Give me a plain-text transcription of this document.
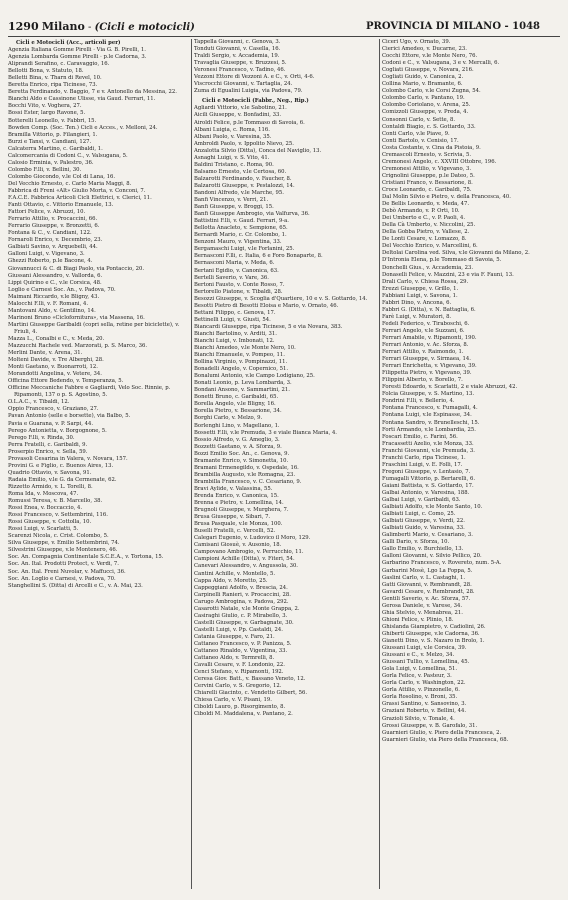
1290 Milano - (Cicli e motocicli)	PROVINCIA DI MILANO - 1048
Cicli e Motocicli (Acc., articoli per)
Agenzia Italiana Gomme Pirelli · Via G. B. Pirelli, 1.
Agenzia Lombarda Gomme Pirelli · p.le Cadorna, 3.
Aliprandi Serafino, c. Caravaggio, 16.
Bellotti Bona, v. Statuto, 18.
Belletti Bina, v. Tharn di Revel, 10.
Beretta Enrico, ripa Ticinese, 73.
Beretta Ferdinando, v. Baggio, 7 e v. Antonello da Messina, 22.
Bianchi Aldo e Cassinone Ulisse, via Gaud. Ferrari, 11.
Bocchi Vito, v. Voghera, 27.
Bossi Ester, largo Ravone, 5.
Botterelli Leonello, v. Fabbri, 15.
Bowden Comp. (Soc. Ten.) Cicli e Acces., v. Melloni, 24.
Bramilla Vittorio, p. Filangieri, 1.
Burzi e Tansi, v. Candiani, 127.
Calcaterra Martino, c. Garibaldi, 1.
Calcomercania di Codoni C., v. Valsugana, 5.
Calosio Erminia, v. Palestro, 36.
Colombo F.lli, v. Bellini, 30.
Colombo Giocondo, v.le Col di Lana, 16.
Del Vecchio Ernesto, c. Carlo Maria Maggi, 8.
Fabbrica di Freni «Alt» Giulio Morta, v. Conconi, 7.
F.A.C.E. Fabbrica Articoli Cicli Elettrici, v. Clerici, 11.
Fanti Ottavio, c. Vittorio Emanuele, 13.
Fattori Felice, v. Abruzzi, 10.
Ferrario Attilio, v. Procaccini, 66.
Ferrario Giuseppe, v. Bronzetti, 6.
Fontana & C., v. Candiani, 122.
Fornaroli Enrico, v. Decembrio, 23.
Galbiati Savino, v. Arquebelli, 44.
Galloni Luigi, v. Vigevano, 3.
Ghezzi Roberto, p.le Bacone, 4.
Giovannucci & C. di Biagi Paolo, via Pontaccio, 20.
Giussani Alessandro, v. Vallorda, 6.
Lippi Quirino e C., v.le Corsica, 48.
Loglio e Carnesi Soc. An., v. Padova, 70.
Maimani Riccardo, v.le Bligny, 43.
Malocchi F.lli, v. F. Romani, 4.
Mantovani Aldo, v. Gentilino, 14.
Marinoni Bruno «Ciclofornitura», via Massena, 16.
Martini Giuseppe Garibaldi (copri sella, retine per biciclette), v. Friuli, 4.
Mazza L., Conalbi e C., v. Meda, 20.
Mazzucchi Rachele ved. Marzorati, p. S. Marco, 36.
Merlini Dante, v. Arena, 31.
Molteni Davide, v. Tre Alberghi, 28.
Monti Gaetano, v. Buonarroti, 12.
Morandotti Angelina, v. Vetere, 34.
Officina Ettore Bedendo, v. Temperanza, 5.
Officine Meccaniche Fabbre e Gagliardi, Velo Soc. Rinnie, p. Ripamonti, 137 o p. S. Agostino, 5.
O.L.A.C., v. Tibaldi, 12.
Oppio Francesco, v. Graziano, 27.
Pavan Antonio (selle e borsette), via Balbo, 5.
Pavia e Guarana, v. P. Sarpi, 44.
Perego Antonietta, v. Borgognone, 5.
Perego F.lli, v. Rinda, 30.
Perra Fratelli, c. Garibaldi, 9.
Proserpio Enrico, v. Sella, 59.
Provasoli Cesarina in Valera, v. Novara, 157.
Provini G. e Figlio, c. Buenos Aires, 13.
Quadrio Ottavio, v. Savona, 91.
Radaia Emilio, v.le G. da Cermenate, 62.
Rizzetto Armido, v. L. Torelli, 8.
Roma Ida, v. Moscova, 47.
Romussi Teresa, v. B. Marcello, 38.
Rossi Enea, v. Boccaccio, 4.
Rossi Francesco, v. Settembrini, 116.
Rossi Giuseppe, v. Cottolla, 10.
Rossi Luigi, v. Scarlatti, 5.
Scarenzi Nicola, c. Crist. Colombo, 5.
Silva Giuseppe, v. Emilio Settembrini, 74.
Silvestrini Giuseppe, v.le Montenero, 46.
Soc. An. Compagnia Continentale S.C.E.A., v. Tortona, 15.
Soc. An. Ital. Prodotti Protect, v. Verdi, 7.
Soc. An. Ital. Freni Nuvolar, v. Maffucci, 36.
Soc. An. Loglio e Carnesi, v. Padova, 70.
Stanghellini S. (Ditta) di Arcelli e C., v. A. Mai, 23.
Tappella Giovanni, c. Genova, 3.
Tonduti Giovanni, v. Casella, 16.
Traldi Sergio, v. Accademia, 19.
Travaglia Giuseppe, v. Bruzzesi, 5.
Veronesi Francesco, v. Tadino, 46.
Vezzoni Ettore di Vezzoni A. e C., v. Orti, 4-6.
Viscrocchi Giovanni, v. Tartaglia, 24.
Zuma di Egualini Luigia, via Padova, 79.
Cicli e Motocicli (Fabbr., Neg., Rip.)
Agliardi Vittorio, v.le Sabotino, 21.
Aicili Giuseppe, v. Bonfadini, 33.
Airoldi Felice, p.le Tommaso di Savoia, 6.
Albani Luigia, c. Roma, 116.
Albani Paolo, v. Varesina, 35.
Ambroldi Paolo, v. Ippolito Nievo, 25.
Anzalotta Silvio (Ditta), Conca del Naviglio, 13.
Asnaghi Luigi, v. S. Vito, 41.
Baldini Tristano, c. Roma, 90.
Balsamo Ernesto, v.le Certosa, 60.
Balzarotti Ferdinando, v. Faucher, 8.
Balzarotti Giuseppe, v. Pestalozzi, 14.
Bandoni Alfredo, v.le Marche, 95.
Banfi Vincenzo, v. Verri, 21.
Banfi Giuseppe, v. Broggi, 15.
Banfi Giuseppe Ambrogio, via Valfurva, 36.
Battistini F.lli, v. Gaud. Ferrari, 9-a.
Bellotta Anacleto, v. Sempione, 65.
Bernardi Mario, c. Cr. Colombo, 1.
Benzoni Mauro, v. Vigentina, 33.
Bergamaschi Luigi, v.le Forlanini, 25.
Bernasconi F.lli, c. Italia, 6 e Foro Bonaparte, 8.
Bernasconi Maria, v. Meda, 6.
Bertani Egidio, v. Canonica, 63.
Bertelli Saverio, v. Vare, 36.
Bertoni Fausto, v. Conte Rosso, 7.
Bertorello Piatone, v. Tibaldi, 28.
Besozzi Giuseppe, v. Scoglia d'Quartiere, 10 e v. S. Gottardo, 14.
Besotti Pietro di Besotti Eloisa e Mario, v. Ornato, 46.
Bettani Filippo, c. Genova, 17.
Bettinelli Luigi, v. Giusti, 54.
Biancardi Giuseppe, ripa Ticinese, 5 e via Novara, 383.
Bianchi Bartolino, v. Arditi, 31.
Bianchi Luigi, v. Imbonati, 12.
Bianchi Amedeo, v.le Monte Nero, 10.
Bianchi Emanuele, v. Pompeo, 11.
Bollina Virginio, v. Pompinazzi, 11.
Bonadelli Angelo, v. Copernico, 51.
Bonalumi Antonio, v.le Campo Lodigiano, 25.
Bonati Leonio, p. Leva Lombarda, 3.
Bondani Ansono, v. Sammartini, 21.
Bonetti Bruno, c. Garibaldi, 65.
Borella Angelo, v.le Bligny, 16.
Borella Pietro, v. Bessarione, 34.
Borghi Carlo, v. Melzo, 9.
Borlenghi Lino, v. Magellano, 1.
Bossetti F.lli, v.le Premuda, 3 e viale Bianca Maria, 4.
Bossio Alfredo, v. G. Ameglio, 3.
Bozzetti Gaetano, v. A. Sforza, 9.
Bozzi Emilio Soc. An., c. Genova, 9.
Bramante Enrico, v. Simonetta, 10.
Bramani Ermenegildo, v. Ospedale, 16.
Brambilla Augusto, v.le Romagna, 23.
Brambilla Francesco, v. C. Cesariano, 9.
Bravi Aylide, v. Valassina, 55.
Brenda Enrico, v. Canonica, 15.
Brenna e Pietro, v. Lomellina, 14.
Brugnoli Giuseppe, v. Murghera, 7.
Brusa Giuseppe, v. Sibari, 7.
Brusa Pasquale, v.le Monza, 100.
Buselli Fratelli, c. Vercelli, 52.
Calegari Eugenio, v. Ludovico il Moro, 129.
Camisani Giosuè, v. Ausonio, 18.
Campovano Ambrogio, v. Perrucchio, 11.
Campioni Achille (Ditta), v. Fiteri, 54.
Canevari Alessandro, v. Angussola, 30.
Cantini Achille, v. Montello, 5.
Cappa Aldo, v. Moretto, 25.
Cappeggiani Adolfo, v. Brescia, 24.
Carpinelli Ranieri, v. Procaccini, 28.
Carugo Ambrogina, v. Padova, 292.
Casarotti Natale, v.le Monte Grappa, 2.
Casiraghi Giulio, c. P. Mirabello, 3.
Castelli Giuseppe, v. Garbagnate, 30.
Castelli Luigi, v. Pp. Castaldi, 24.
Catania Giuseppe, v. Faro, 21.
Cattaneo Francesco, v. P. Panizza, 5.
Cattaneo Rinaldo, v. Vigentina, 33.
Cattaneo Aldo, v. Termrelli, 8.
Cavalli Cesare, v. F. Londonio, 22.
Cenci Stefano, v. Ripamonti, 192.
Ceresa Giov. Batt., v. Bassano Veneto, 12.
Cervini Carlo, v. S. Gregorio, 12.
Chiarelli Giacinto, c. Vendetto Gilbert, 56.
Chiesa Carlo, v. V. Pisani, 19.
Ciboldi Lauro, p. Risorgimento, 8.
Ciboldi M. Maddalena, v. Pantano, 2.
Ciceri Ugo, v. Ornato, 39.
Cierici Amedeo, v. Ducarne, 23.
Cocchi Ettore, v.le Monte Nero, 76.
Codoni e C., v. Valsugana, 3 e v. Mercalli, 6.
Cogliati Giuseppe, v. Novara, 216.
Cogliati Guido, v. Canonica, 2.
Collina Mario, v. Bramante, 6.
Colombo Carlo, v.le Corsi Zugna, 54.
Colombo Carlo, v. Pantano, 19.
Colombo Coriolano, v. Arena, 25.
Comizzoli Giuseppe, v. Preda, 4.
Consonni Carlo, v. Sette, 8.
Contaldi Biagio, c. S. Gottardo, 33.
Conti Carlo, v.le Piave, 9.
Conti Bartolo, v. Cenisio, 17.
Costa Costante, v. Cina da Pistoia, 9.
Cremascoli Ernesto, v. Scrivia, 5.
Cremonesi Angelo, c. XXVIII Ottobre, 196.
Cremonesi Attilio, v. Vigevano, 3.
Crignolini Giuseppe, p.le Dateo, 5.
Cristiani Franco, v. Bessarione, 8.
Croce Leonardo, c. Garibaldi, 75.
Dal Molin Silvio e Pietro, v. della Francesca, 40.
De Bellis Leonardo, v. Meda, 47.
Debò Armando, v. P. Orti, 10.
Dei Umberto e C., v. P. Paoli, 4.
Della Cà Umberto, v. Niccolini, 25.
Della Gobba Pietro, v. Vallese, 2.
De Lonti Cesare, v. Lomazzo, 8.
Del Vecchio Enrico, v. Marcellini, 6.
Deltolai Carolina ved. Silva, v.le Giovanni da Milano, 2.
D'Intronia Elena, p.le Tommaso di Savoia, 5.
Donchelli Gius., v. Accademia, 23.
Donaselli Felice, v. Mazzini, 23 e via F. Fauni, 13.
Drali Carlo, v. Chiesa Rossa, 29.
Erezzi Giuseppe, v. Grillo, 1.
Fabbiani Luigi, v. Savona, 1.
Fabbri Dino, v. Ancona, 6.
Fabbri G. (Ditta), v. N. Battaglia, 6.
Farè Luigi, v. Muratori, 8.
Fedeli Federico, v. Tiraboschi, 6.
Ferrari Angelo, v.le Suzzani, 6.
Ferrari Amabile, v. Ripamonti, 190.
Ferrari Antonio, v. Ac. Sforza, 8.
Ferrari Attilio, v. Raimondo, 1.
Ferrari Giuseppe, v. Sirmaea, 14.
Ferrari Enrichetta, v. Vigevano, 39.
Filippetta Pietro, v. Vigevano, 39.
Filippini Alberto, v. Borello, 7.
Foresti Edoardo, v. Scarlatti, 2 e viale Abruzzi, 42.
Folcia Giuseppe, v. S. Martino, 13.
Fondrini F.lli, v. Bellerio, 4.
Fontana Francesco, v. Fumagalli, 4.
Fontana Luigi, v.le Espinasse, 34.
Fontana Sandro, v. Brunelleschi, 15.
Forti Armando, v.le Lombardia, 25.
Foscari Emilio, c. Farini, 56.
Fracassetti Azelio, v.le Monza, 33.
Franchi Giovanni, v.le Premuda, 3.
Franchi Carlo, ripa Ticinese, 1.
Fraschini Luigi, v. E. Folli, 17.
Fregoni Giuseppe, v. Lentasio, 7.
Fumagalli Vittorio, p. Bertarelli, 6.
Gaiani Battista, v. S. Gottardo, 17.
Galbai Antonio, v. Varesina, 188.
Galbai Luigi, v. Garibaldi, 63.
Galbiati Adolfo, v.le Monte Santo, 10.
Galbiati Luigi, c. Como, 25.
Galbiati Giuseppe, v. Verdi, 22.
Galbiati Guido, v. Varesina, 33.
Galimberti Mario, v. Cesariano, 3.
Galli Dario, v. Sforza, 10.
Gallo Emilio, v. Burchiello, 13.
Galloni Giovanni, v. Silvio Pellico, 20.
Garbarino Francesco, v. Rovereto, num. 5-A.
Garbarini Mosè, Lgo La Foppa, 5.
Gaslini Carlo, v. L. Castaghi, 1.
Gatti Giovanni, v. Rembrandt, 28.
Gavardi Cesare, v. Rembrandt, 28.
Gentili Saverio, v. Ac. Sforza, 57.
Gerosa Daniele, v. Varese, 34.
Ghia Stelvio, v. Menabrea, 21.
Ghioni Felice, v. Plinio, 18.
Ghislanda Giampietro, v. Cadiolini, 26.
Ghiberti Giuseppe, v.le Cadorna, 36.
Gianetti Dino, v. S. Nazaro in Brolo, 1.
Giussani Luigi, v.le Corsica, 39.
Giussani e C., v. Melzo, 34.
Giussani Tullio, v. Lomellina, 45.
Gola Luigi, v. Lomellina, 51.
Gorla Felice, v. Pasteur, 3.
Gorla Carlo, v. Washington, 22.
Gorla Attilio, v. Pinzonelle, 6.
Gorla Rosolino, v. Broni, 35.
Grassi Santino, v. Sansovino, 3.
Graziani Roberto, v. Bellini, 44.
Grazioli Silvio, v. Tonale, 4.
Grossi Giuseppe, v. B. Garofalo, 31.
Guarnieri Giulio, v. Piero della Francesca, 2.
Guarnieri Giulio, via Piero della Francesca, 68.
